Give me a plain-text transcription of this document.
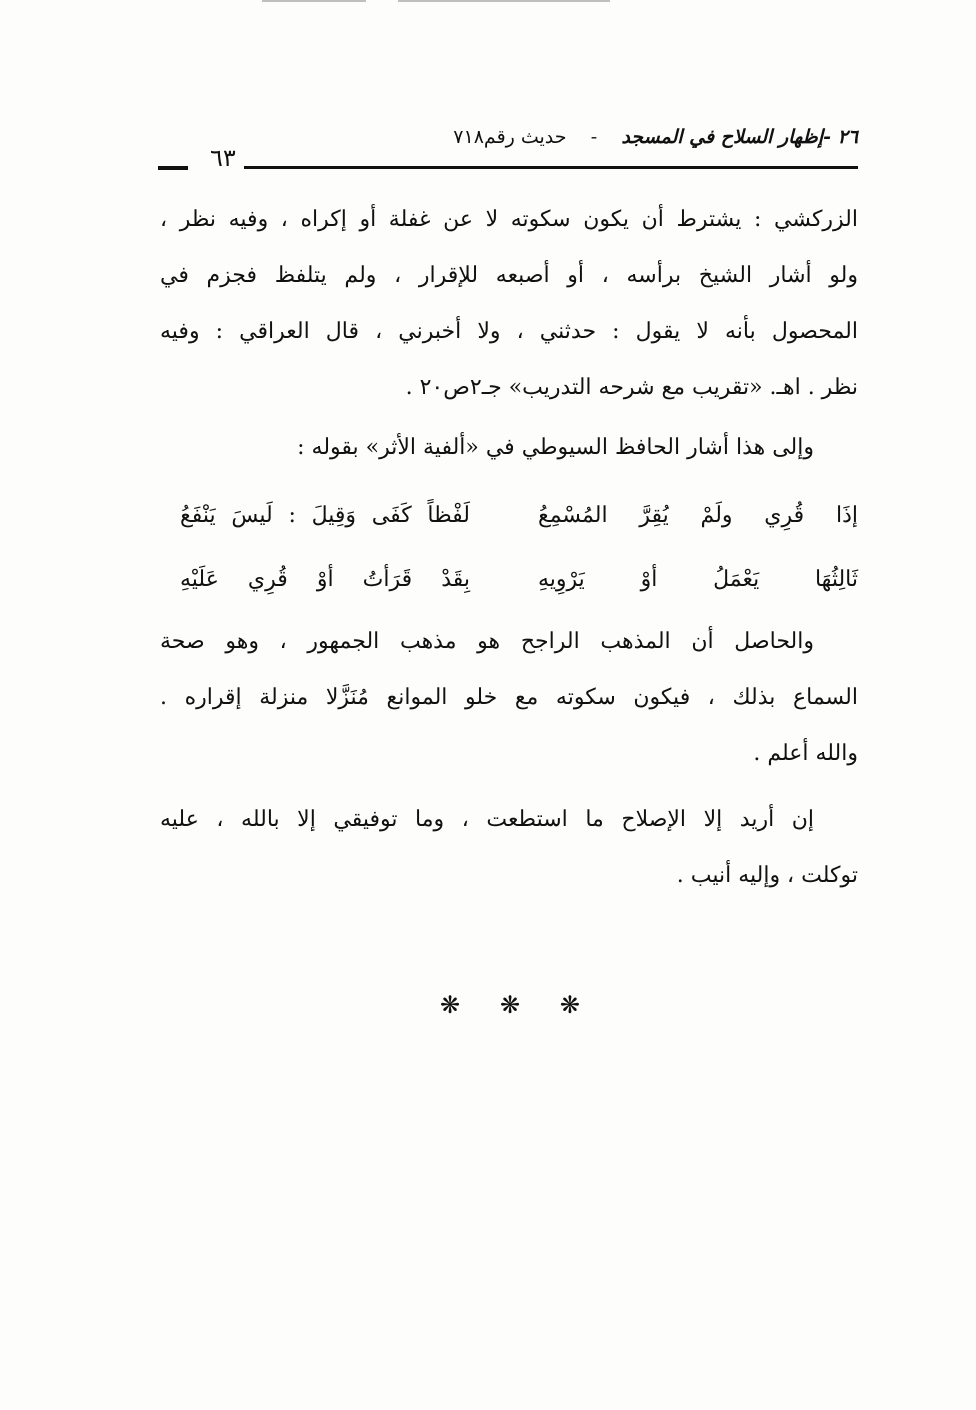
٢٦ -إظهار السلاح في المسجد    -    حديث رقم٧١٨
٦٣
الزركشي : يشترط أن يكون سكوته لا عن غفلة أو إكراه ، وفيه نظر ،
ولو أشار الشيخ برأسه ، أو أصبعه للإقرار ، ولم يتلفظ فجزم في
المحصول بأنه لا يقول : حدثني ، ولا أخبرني ، قال العراقي : وفيه
نظر . اهـ. «تقريب مع شرحه التدريب» جـ٢ص٢٠ .
وإلى هذا أشار الحافظ السيوطي في «ألفية الأثر» بقوله :
إذَا قُرِي ولَمْ يُقِرَّ المُسْمِعُ
لَفْظاً كَفَى وَقِيلَ : لَيسَ يَنْفَعُ
ثَالِثُهَا يَعْمَلُ أوْ يَرْوِيهِ
بِقَدْ قَرَأتُ أوْ قُرِي عَلَيْهِ
والحاصل أن المذهب الراجح هو مذهب الجمهور ، وهو صحة
السماع بذلك ، فيكون سكوته مع خلو الموانع مُنَزَّلا منزلة إقراره .
والله أعلم .
إن أريد إلا الإصلاح ما استطعت ، وما توفيقي إلا بالله ، عليه
توكلت ، وإليه أنيب .
❋ ❋ ❋
